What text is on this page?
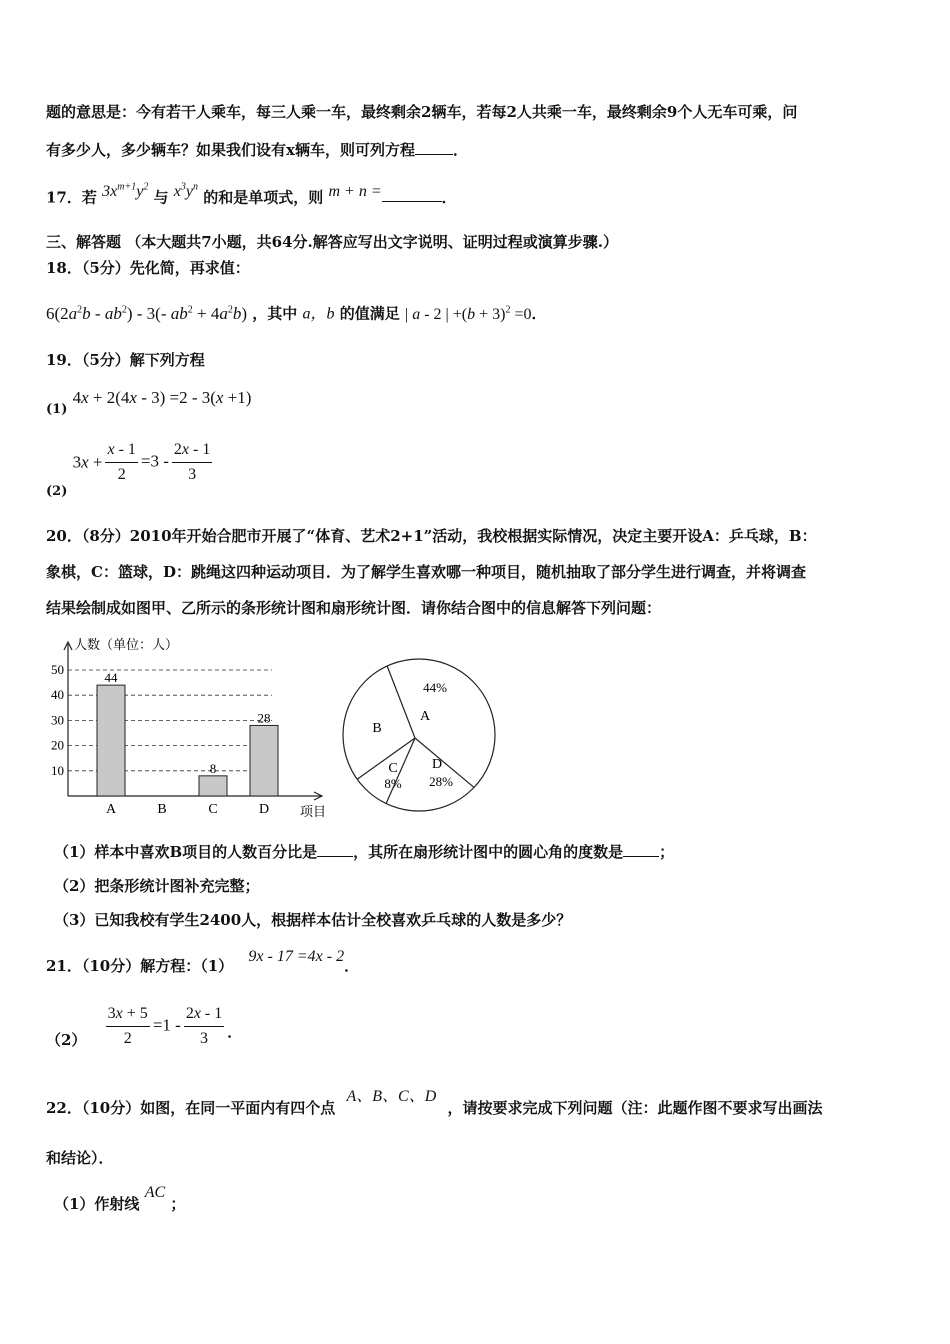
题的意思是：今有若干人乘车，每三人乘一车，最终剩余2辆车，若每2人共乘一车，最终剩余9个人无车可乘，问
有多少人，多少辆车？如果我们设有x辆车，则可列方程	．
17．若 $3x^{m+1}y^2$ 与 $x^3y^n$ 的和是单项式，则 m + n =	．
三、解答题 （本大题共7小题，共64分.解答应写出文字说明、证明过程或演算步骤.）
18．（5分）先化简，再求值：
$6(2a^2b - ab^2) - 3(-$ $ab^2 + 4a^2b$) ，其中 a，b 的值满足 | a - 2 | $+(b + 3)^2 =0$．
19．（5分）解下列方程
(1) 4x + 2(4x - 3) =2 - 3(x +1)
(2) $3x + \frac{x - 1}{2} =3 - \frac{2x - 1}{3}$
20．（8分）2010年开始合肥市开展了“体育、艺术2+1”活动，我校根据实际情况，决定主要开设A：乒乓球，B：
象棋，C：篮球，D：跳绳这四种运动项目．为了解学生喜欢哪一种项目，随机抽取了部分学生进行调查，并将调查
结果绘制成如图甲、乙所示的条形统计图和扇形统计图．请你结合图中的信息解答下列问题：
人数（单位：人）
项目
10
20
30
40
50
A
44
B	C
8
D
28	A
44%
B
C
8%
D
28%
（1）样本中喜欢B项目的人数百分比是 ，其所在扇形统计图中的圆心角的度数是 ；
（2）把条形统计图补充完整；
（3）已知我校有学生2400人，根据样本估计全校喜欢乒乓球的人数是多少？
21．（10分）解方程：（1） 9x - 17 =4x - 2．
$(2) \frac{3x + 5}{2} =1 - \frac{2x - 1}{3}$ ．
22．（10分）如图，在同一平面内有四个点 A、B、C、D ，请按要求完成下列问题（注：此题作图不要求写出画法
和结论）．
（1）作射线 AC ；
